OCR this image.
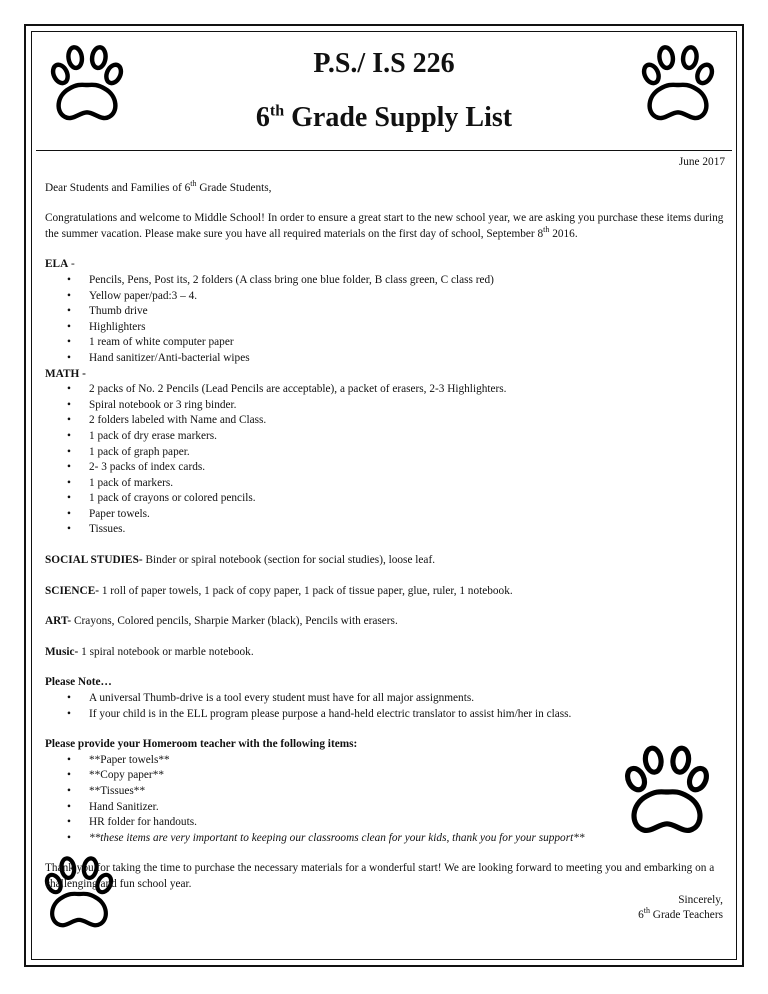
P.S./ I.S 226
6th Grade Supply List

June 2017

Dear Students and Families of 6th Grade Students,

Congratulations and welcome to Middle School! In order to ensure a great start to the new school year, we are asking you purchase these items during the summer vacation. Please make sure you have all required materials on the first day of school, September 8th 2016.

ELA -

• Pencils, Pens, Post its, 2 folders (A class bring one blue folder, B class green, C class red)
• Yellow paper/pad:3 – 4.
• Thumb drive
• Highlighters
• 1 ream of white computer paper
• Hand sanitizer/Anti-bacterial wipes

MATH -

• 2 packs of No. 2 Pencils (Lead Pencils are acceptable), a packet of erasers, 2-3 Highlighters.
• Spiral notebook or 3 ring binder.
• 2 folders labeled with Name and Class.
• 1 pack of dry erase markers.
• 1 pack of graph paper.
• 2- 3 packs of index cards.
• 1 pack of markers.
• 1 pack of crayons or colored pencils.
• Paper towels.
• Tissues.

SOCIAL STUDIES- Binder or spiral notebook (section for social studies), loose leaf.

SCIENCE- 1 roll of paper towels, 1 pack of copy paper, 1 pack of tissue paper, glue, ruler, 1 notebook.

ART- Crayons, Colored pencils, Sharpie Marker (black), Pencils with erasers.

Music- 1 spiral notebook or marble notebook.

Please Note…

• A universal Thumb-drive is a tool every student must have for all major assignments.
• If your child is in the ELL program please purpose a hand-held electric translator to assist him/her in class.

Please provide your Homeroom teacher with the following items:

• **Paper towels**
• **Copy paper**
• **Tissues**
• Hand Sanitizer.
• HR folder for handouts.
• **these items are very important to keeping our classrooms clean for your kids, thank you for your support**

Thank you for taking the time to purchase the necessary materials for a wonderful start! We are looking forward to meeting you and embarking on a challenging and fun school year.

Sincerely,

6th Grade Teachers
